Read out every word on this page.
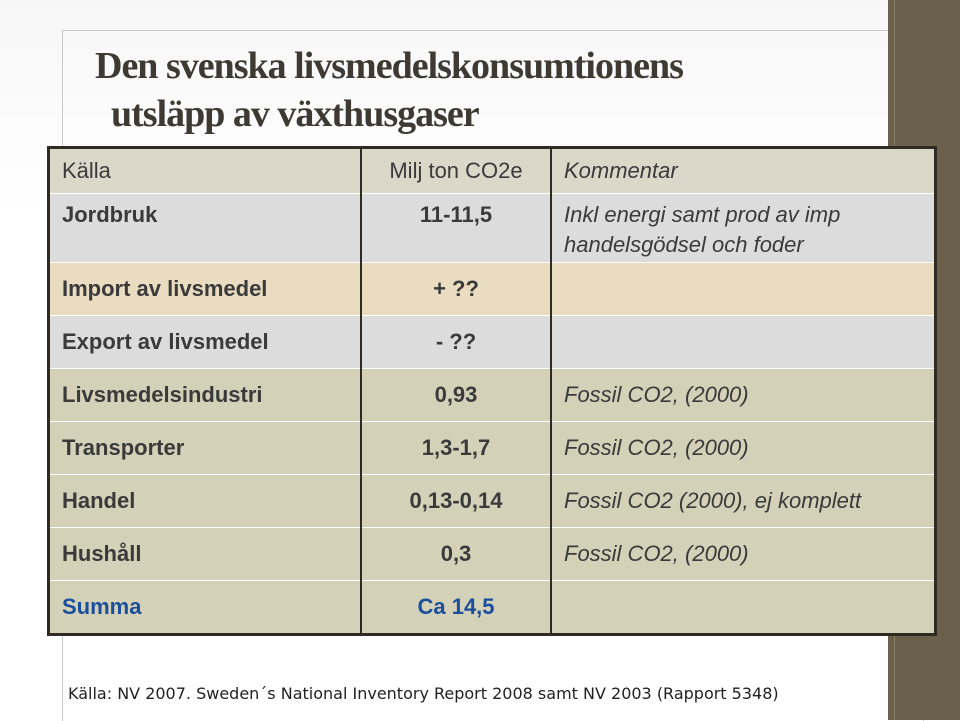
Den svenska livsmedelskonsumtionens
utsläpp av växthusgaser
Källa	Milj ton CO2e	Kommentar
Jordbruk	11-11,5	Inkl energi samt prod av imp handelsgödsel och foder
Import av livsmedel	+ ??	
Export av livsmedel	- ??	
Livsmedelsindustri	0,93	Fossil CO2, (2000)
Transporter	1,3-1,7	Fossil CO2, (2000)
Handel	0,13-0,14	Fossil CO2 (2000), ej komplett
Hushåll	0,3	Fossil CO2, (2000)
Summa	Ca 14,5	
Källa: NV 2007. Sweden´s National Inventory Report 2008 samt NV 2003 (Rapport 5348)
